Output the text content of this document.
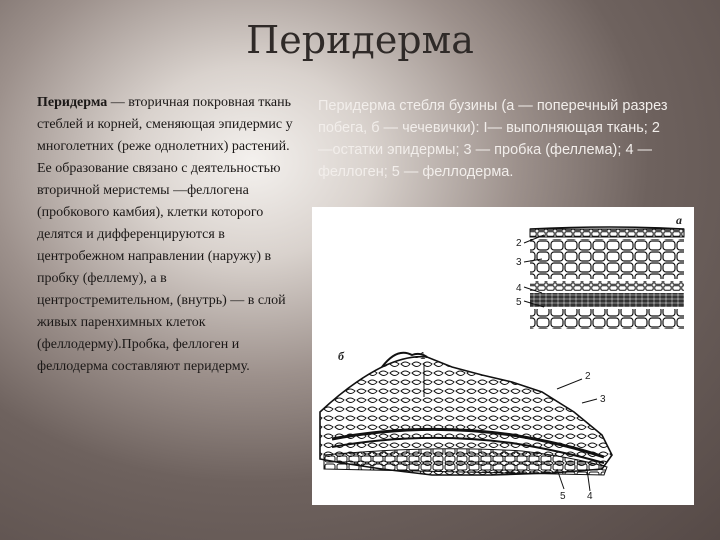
Перидерма
Перидерма — вторичная покровная ткань стеблей и корней, сменяющая эпидермис у многолетних (реже однолетних) растений. Ее образование связано с деятельностью вторичной меристемы —феллогена (пробкового камбия), клетки которого делятся и дифференцируются в центробежном направлении (наружу) в пробку (феллему), а в центростремительном, (внутрь) — в слой живых паренхимных клеток (феллодерму).Пробка, феллоген и феллодерма составляют перидерму.
Перидерма стебля бузины (а — поперечный разрез побега, б — чечевички): I— выполняющая ткань; 2 —остатки эпидермы; 3 — пробка (феллема); 4 — феллоген; 5 — феллодерма.
а
2
3
4
5
б	1
2
3
5 4
